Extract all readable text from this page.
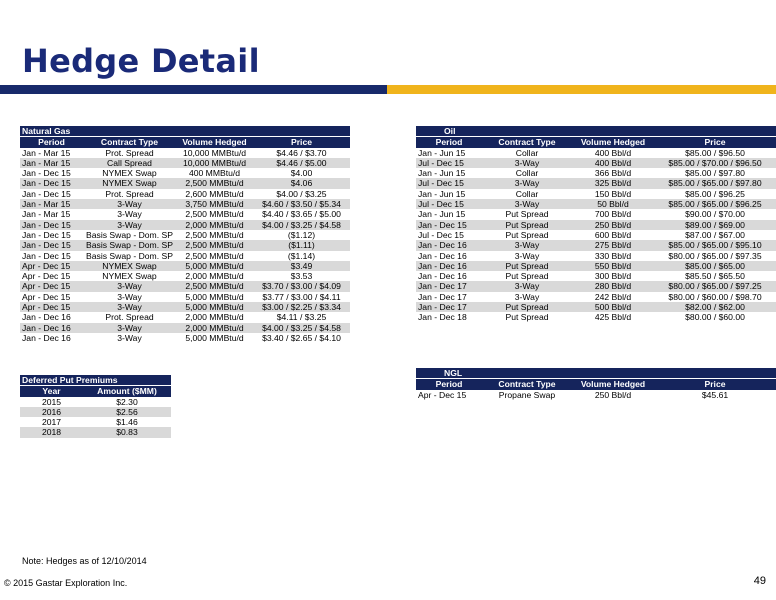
Hedge Detail
Natural Gas			
Period	Contract Type	Volume Hedged	Price
Jan - Mar 15	Prot. Spread	10,000 MMBtu/d	$4.46 / $3.70
Jan - Mar 15	Call Spread	10,000 MMBtu/d	$4.46 / $5.00
Jan - Dec 15	NYMEX Swap	400 MMBtu/d	$4.00
Jan - Dec 15	NYMEX Swap	2,500 MMBtu/d	$4.06
Jan - Dec 15	Prot. Spread	2,600 MMBtu/d	$4.00 / $3.25
Jan - Mar 15	3-Way	3,750 MMBtu/d	$4.60 / $3.50 / $5.34
Jan - Mar 15	3-Way	2,500 MMBtu/d	$4.40 / $3.65 / $5.00
Jan - Dec 15	3-Way	2,000 MMBtu/d	$4.00 / $3.25 / $4.58
Jan - Dec 15	Basis Swap - Dom. SP	2,500 MMBtu/d	($1.12)
Jan - Dec 15	Basis Swap - Dom. SP	2,500 MMBtu/d	($1.11)
Jan - Dec 15	Basis Swap - Dom. SP	2,500 MMBtu/d	($1.14)
Apr - Dec 15	NYMEX Swap	5,000 MMBtu/d	$3.49
Apr - Dec 15	NYMEX Swap	2,000 MMBtu/d	$3.53
Apr - Dec 15	3-Way	2,500 MMBtu/d	$3.70 / $3.00 / $4.09
Apr - Dec 15	3-Way	5,000 MMBtu/d	$3.77 / $3.00 / $4.11
Apr - Dec 15	3-Way	5,000 MMBtu/d	$3.00 / $2.25 / $3.34
Jan - Dec 16	Prot. Spread	2,000 MMBtu/d	$4.11 / $3.25
Jan - Dec 16	3-Way	2,000 MMBtu/d	$4.00 / $3.25 / $4.58
Jan - Dec 16	3-Way	5,000 MMBtu/d	$3.40 / $2.65 / $4.10
Deferred Put Premiums	
Year	Amount ($MM)
2015	$2.30
2016	$2.56
2017	$1.46
2018	$0.83
Oil			
Period	Contract Type	Volume Hedged	Price
Jan - Jun 15	Collar	400 Bbl/d	$85.00 / $96.50
Jul - Dec 15	3-Way	400 Bbl/d	$85.00 / $70.00 / $96.50
Jan - Jun 15	Collar	366 Bbl/d	$85.00 / $97.80
Jul - Dec 15	3-Way	325 Bbl/d	$85.00 / $65.00 / $97.80
Jan - Jun 15	Collar	150 Bbl/d	$85.00 / $96.25
Jul - Dec 15	3-Way	50 Bbl/d	$85.00 / $65.00 / $96.25
Jan - Jun 15	Put Spread	700 Bbl/d	$90.00 / $70.00
Jan - Dec 15	Put Spread	250 Bbl/d	$89.00 / $69.00
Jul - Dec 15	Put Spread	600 Bbl/d	$87.00 / $67.00
Jan - Dec 16	3-Way	275 Bbl/d	$85.00 / $65.00 / $95.10
Jan - Dec 16	3-Way	330 Bbl/d	$80.00 / $65.00 / $97.35
Jan - Dec 16	Put Spread	550 Bbl/d	$85.00 / $65.00
Jan - Dec 16	Put Spread	300 Bbl/d	$85.50 / $65.50
Jan - Dec 17	3-Way	280 Bbl/d	$80.00 / $65.00 / $97.25
Jan - Dec 17	3-Way	242 Bbl/d	$80.00 / $60.00 / $98.70
Jan - Dec 17	Put Spread	500 Bbl/d	$82.00 / $62.00
Jan - Dec 18	Put Spread	425 Bbl/d	$80.00 / $60.00
NGL			
Period	Contract Type	Volume Hedged	Price
Apr - Dec 15	Propane Swap	250 Bbl/d	$45.61
Note: Hedges as of 12/10/2014
© 2015 Gastar Exploration Inc.	49
